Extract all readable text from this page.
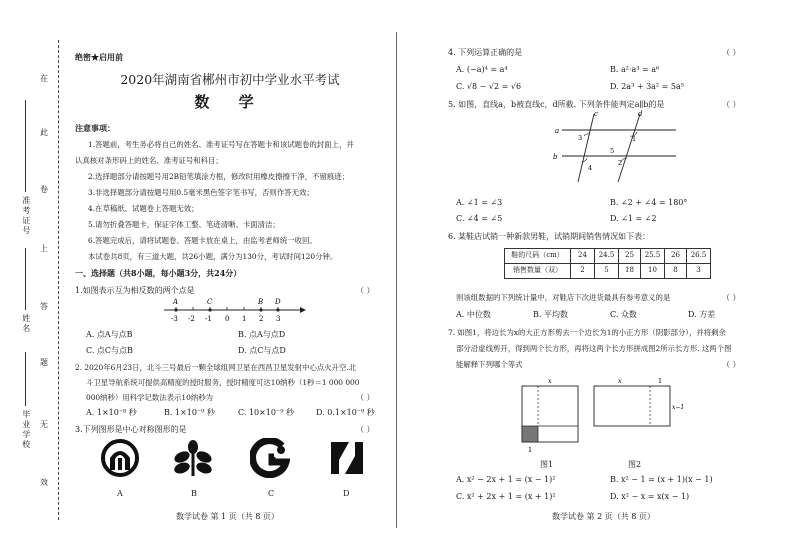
在
此
卷
上
答
题
无
效
准考证号
姓名
毕业学校
绝密★启用前
2020年湖南省郴州市初中学业水平考试
数 学
注意事项：
1.答题前，考生务必将自己的姓名、准考证号写在答题卡和该试题卷的封面上，并
认真核对条形码上的姓名、准考证号和科目；
2.选择题部分请按题号用2B铅笔填涂方框，修改时用橡皮擦擦干净，不留痕迹；
3.非选择题部分请按题号用0.5毫米黑色签字笔书写，否则作答无效；
4.在草稿纸、试题卷上答题无效；
5.请勿折叠答题卡，保证字体工整、笔迹清晰、卡面清洁；
6.答题完成后，请将试题卷、答题卡放在桌上，由监考老师统一收回。
本试卷共8页，有三道大题，共26小题，满分为130分，考试时间120分钟。
一、选择题（共8小题，每小题3分，共24分）
1.如图表示互为相反数的两个点是	（ ）
A	C	B D
-3 -2 -1 0 1 2 3
A. 点A与点B	B. 点A与点D
C. 点C与点B	D. 点C与点D
2. 2020年6月23日，北斗三号最后一颗全球组网卫星在西昌卫星发射中心点火升空.北
斗卫星导航系统可提供高精度的授时服务，授时精度可达10纳秒（1秒＝1 000 000
000纳秒）用科学记数法表示10纳秒为	（ ）
A. 1×10⁻⁸ 秒	B. 1×10⁻⁹ 秒	C. 10×10⁻⁹ 秒	D. 0.1×10⁻⁹ 秒
3.下列图形是中心对称图形的是	（ ）
A	B	C	D
数学试卷 第 1 页（共 8 页）
4. 下列运算正确的是	（ ）
A. (−a)⁴ = a⁴	B. a²·a³ = a⁶
C. √8 − √2 = √6	D. 2a³ + 3a² = 5a⁵
5. 如图，直线a，b被直线c，d所截. 下列条件能判定a∥b的是	（ ）
c	d
a
b
3	1
5
2
4
A. ∠1 = ∠3	B. ∠2 + ∠4 = 180°
C. ∠4 = ∠5	D. ∠1 = ∠2
6. 某鞋店试销一种新款男鞋，试销期间销售情况如下表：
鞋的尺码（cm）	24	24.5	25	25.5	26	26.5
销售数量（双）	2	5	18	10	8	3
则该组数据的下列统计量中，对鞋店下次进货最具有参考意义的是	（ ）
A. 中位数	B. 平均数	C. 众数	D. 方差
7. 如图1，将边长为x的大正方形剪去一个边长为1的小正方形（阴影部分），并将剩余
部分沿虚线剪开，得到两个长方形，再将这两个长方形拼成图2所示长方形. 这两个图
能解释下列哪个等式	（ ）
x
1
图1
x	1
x−1
图2
A. x² − 2x + 1 = (x − 1)²	B. x² − 1 = (x + 1)(x − 1)
C. x² + 2x + 1 = (x + 1)²	D. x² − x = x(x − 1)
数学试卷 第 2 页（共 8 页）
